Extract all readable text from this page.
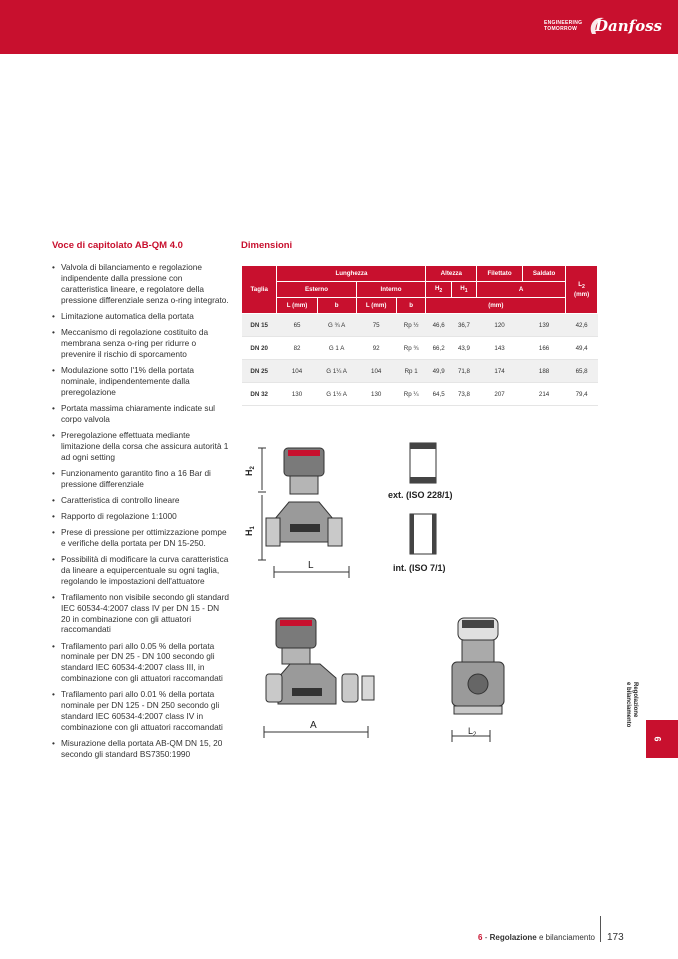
ENGINEERING
TOMORROW	Danfoss
Voce di capitolato AB-QM 4.0
• Valvola di bilanciamento e regolazione indipendente dalla pressione con caratteristica lineare, e regolatore della pressione differenziale senza o-ring integrato.
• Limitazione automatica della portata
• Meccanismo di regolazione costituito da membrana senza o-ring per ridurre o prevenire il rischio di sporcamento
• Modulazione sotto l'1% della portata nominale, indipendentemente dalla preregolazione
• Portata massima chiaramente indicate sul corpo valvola
• Preregolazione effettuata mediante limitazione della corsa che assicura autorità 1 ad ogni setting
• Funzionamento garantito fino a 16 Bar di pressione differenziale
• Caratteristica di controllo lineare
• Rapporto di regolazione 1:1000
• Prese di pressione per ottimizzazione pompe e verifiche della portata per DN 15-250.
• Possibilità di modificare la curva caratteristica da lineare a equipercentuale su ogni taglia, regolando le impostazioni dell'attuatore
• Trafilamento non visibile secondo gli standard IEC 60534-4:2007 class IV per DN 15 - DN 20 in combinazione con gli attuatori raccomandati
• Trafilamento pari allo 0.05 % della portata nominale per DN 25 - DN 100 secondo gli standard IEC 60534-4:2007 class III, in combinazione con gli attuatori raccomandati
• Trafilamento pari allo 0.01 % della portata nominale per DN 125 - DN 250 secondo gli standard IEC 60534-4:2007 class IV in combinazione con gli attuatori raccomandati
• Misurazione della portata AB-QM DN 15, 20 secondo gli standard BS7350:1990
Dimensioni
Taglia	Lunghezza				Altezza		Filettato	Saldato	$L_2$
(mm)
	Esterno		Interno		$H_2$	$H_1$	A		
	L (mm)	b	L (mm)	b	(mm)				
DN 15	65	G ¾ A	75	Rp ½	46,6	36,7	120	139	42,6
DN 20	82	G 1 A	92	Rp ¾	66,2	43,9	143	166	49,4
DN 25	104	G 1¼ A	104	Rp 1	49,9	71,8	174	188	65,8
DN 32	130	G 1½ A	130	Rp ¼	64,5	73,8	207	214	79,4
$H_2$
$H_1$
L
ext. (ISO 228/1)
int. (ISO 7/1)
A	$L_2$
Regolazione
e bilanciamento
6
6 - Regolazione e bilanciamento 173
